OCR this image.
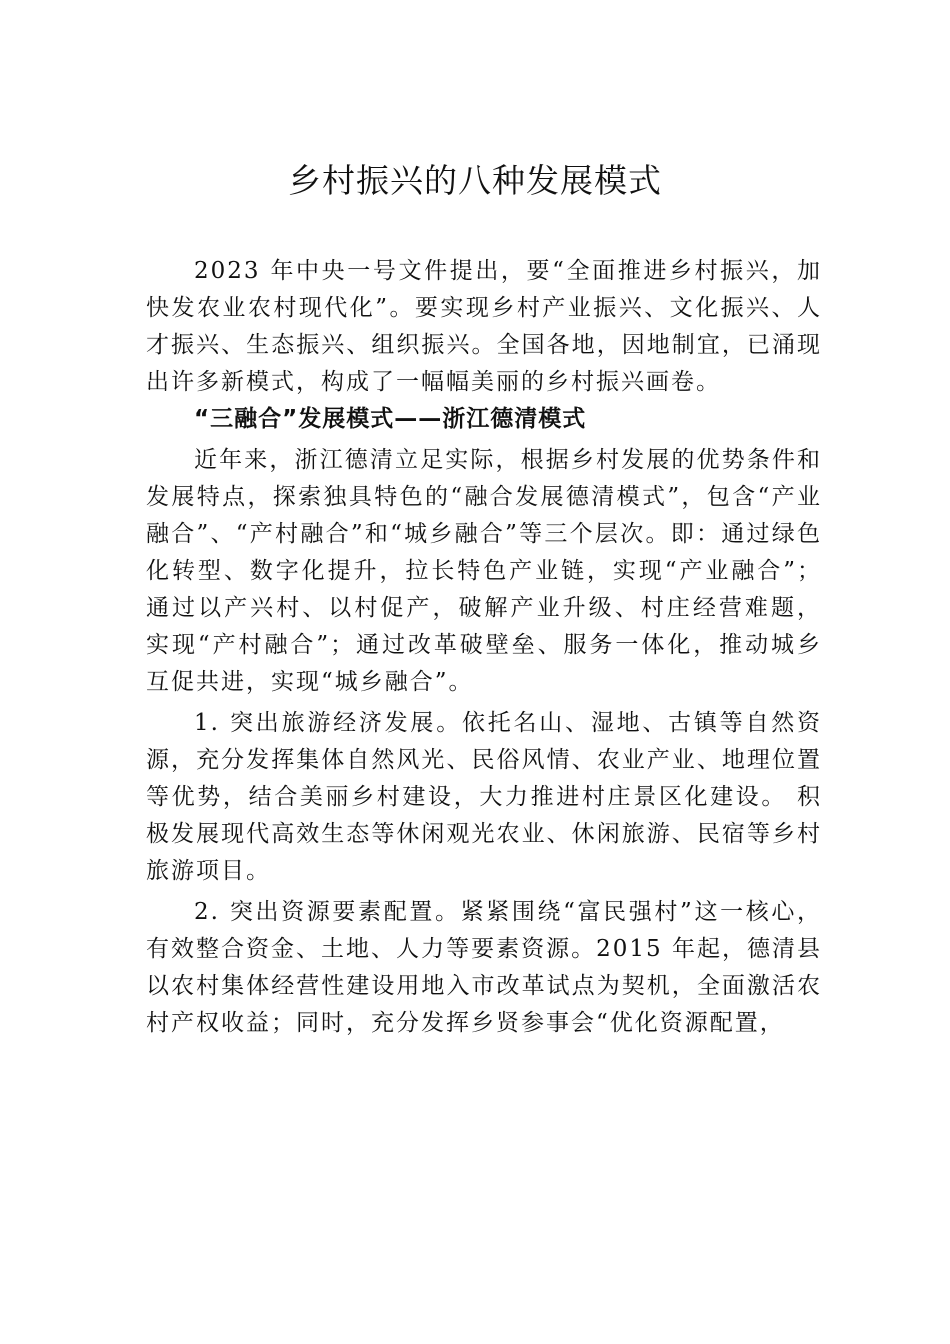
乡村振兴的八种发展模式

2023 年中央一号文件提出，要“全面推进乡村振兴，加快发农业农村现代化”。要实现乡村产业振兴、文化振兴、人才振兴、生态振兴、组织振兴。全国各地，因地制宜，已涌现出许多新模式，构成了一幅幅美丽的乡村振兴画卷。

“三融合”发展模式——浙江德清模式

近年来，浙江德清立足实际，根据乡村发展的优势条件和发展特点，探索独具特色的“融合发展德清模式”，包含“产业融合”、“产村融合”和“城乡融合”等三个层次。即：通过绿色化转型、数字化提升，拉长特色产业链，实现“产业融合”；通过以产兴村、以村促产，破解产业升级、村庄经营难题， 实现“产村融合”；通过改革破壁垒、服务一体化，推动城乡互促共进，实现“城乡融合”。

1. 突出旅游经济发展。依托名山、湿地、古镇等自然资源，充分发挥集体自然风光、民俗风情、农业产业、地理位置等优势，结合美丽乡村建设，大力推进村庄景区化建设。 积极发展现代高效生态等休闲观光农业、休闲旅游、民宿等乡村旅游项目。

2. 突出资源要素配置。紧紧围绕“富民强村”这一核心，有效整合资金、土地、人力等要素资源。2015 年起，德清县以农村集体经营性建设用地入市改革试点为契机，全面激活农村产权收益；同时，充分发挥乡贤参事会“优化资源配置，
